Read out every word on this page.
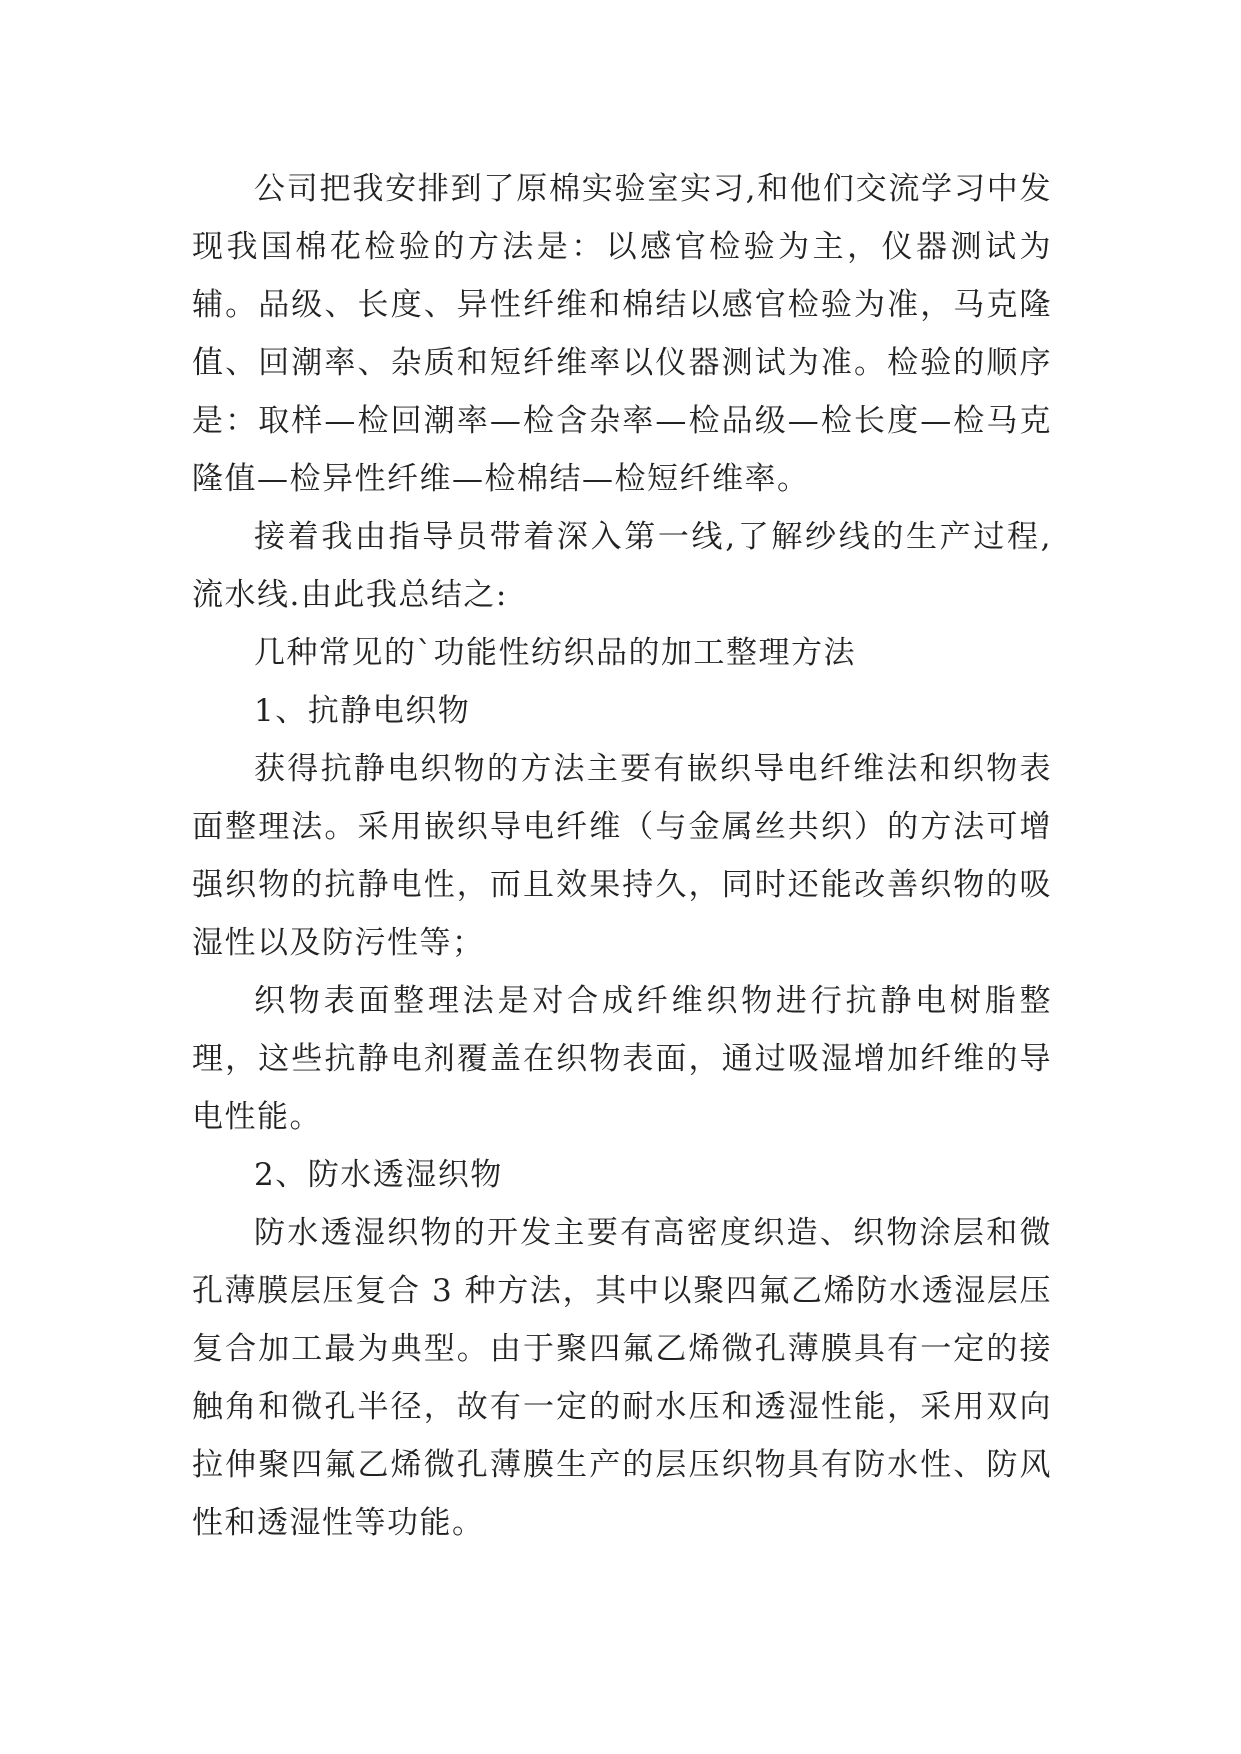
公司把我安排到了原棉实验室实习,和他们交流学习中发现我国棉花检验的方法是：以感官检验为主，仪器测试为辅。品级、长度、异性纤维和棉结以感官检验为准，马克隆值、回潮率、杂质和短纤维率以仪器测试为准。检验的顺序是：取样—检回潮率—检含杂率—检品级—检长度—检马克隆值—检异性纤维—检棉结—检短纤维率。

接着我由指导员带着深入第一线,了解纱线的生产过程,流水线.由此我总结之:

几种常见的`功能性纺织品的加工整理方法

1、抗静电织物

获得抗静电织物的方法主要有嵌织导电纤维法和织物表面整理法。采用嵌织导电纤维（与金属丝共织）的方法可增强织物的抗静电性，而且效果持久，同时还能改善织物的吸湿性以及防污性等；

织物表面整理法是对合成纤维织物进行抗静电树脂整理，这些抗静电剂覆盖在织物表面，通过吸湿增加纤维的导电性能。

2、防水透湿织物

防水透湿织物的开发主要有高密度织造、织物涂层和微孔薄膜层压复合 3 种方法，其中以聚四氟乙烯防水透湿层压复合加工最为典型。由于聚四氟乙烯微孔薄膜具有一定的接触角和微孔半径，故有一定的耐水压和透湿性能，采用双向拉伸聚四氟乙烯微孔薄膜生产的层压织物具有防水性、防风性和透湿性等功能。
